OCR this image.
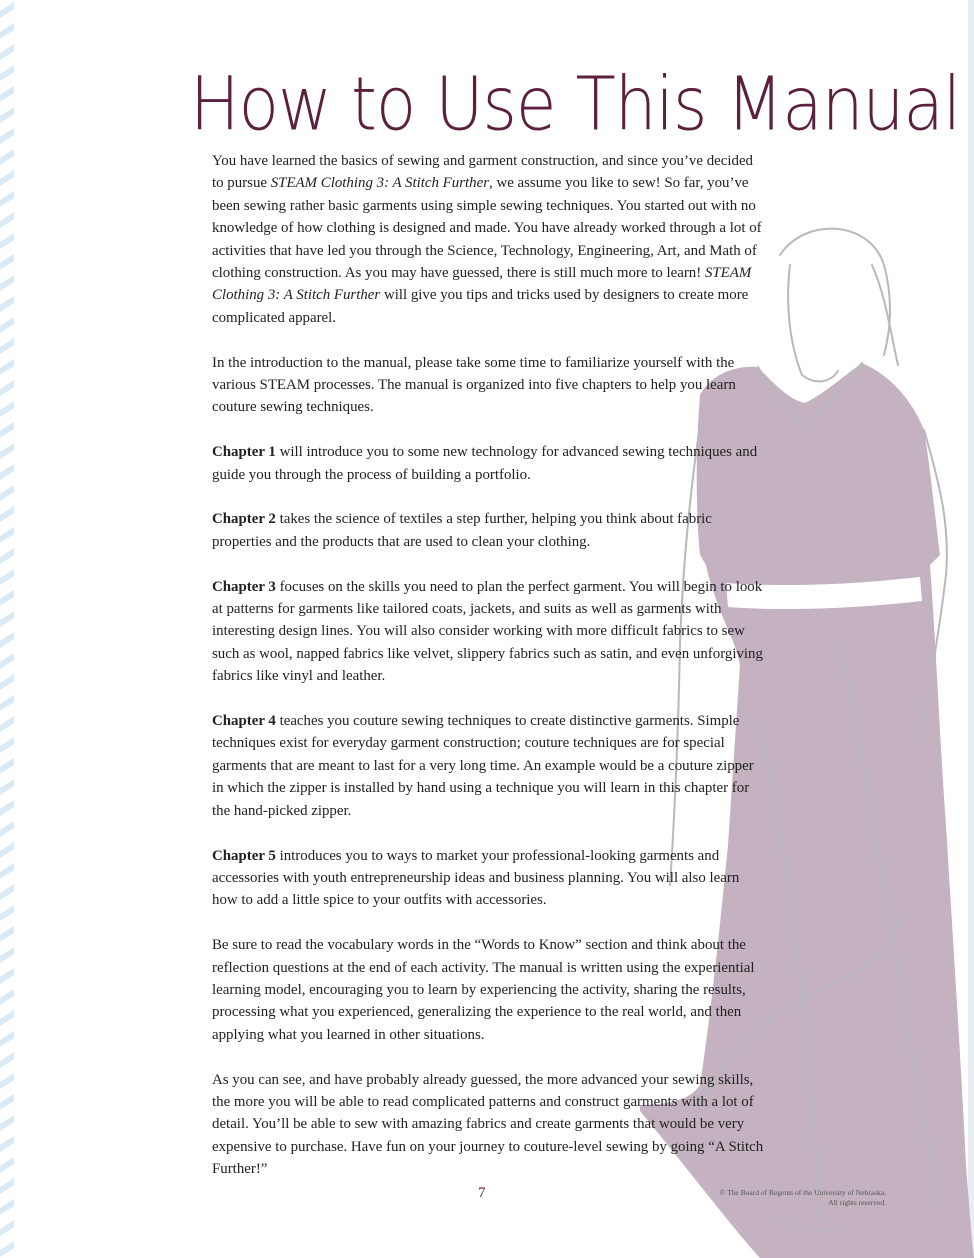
How to Use This Manual

You have learned the basics of sewing and garment construction, and since you’ve decided to pursue STEAM Clothing 3: A Stitch Further, we assume you like to sew! So far, you’ve been sewing rather basic garments using simple sewing techniques. You started out with no knowledge of how clothing is designed and made. You have already worked through a lot of activities that have led you through the Science, Technology, Engineering, Art, and Math of clothing construction. As you may have guessed, there is still much more to learn! STEAM Clothing 3: A Stitch Further will give you tips and tricks used by designers to create more complicated apparel.

In the introduction to the manual, please take some time to familiarize yourself with the various STEAM processes. The manual is organized into five chapters to help you learn couture sewing techniques.

Chapter 1 will introduce you to some new technology for advanced sewing techniques and guide you through the process of building a portfolio.

Chapter 2 takes the science of textiles a step further, helping you think about fabric properties and the products that are used to clean your clothing.

Chapter 3 focuses on the skills you need to plan the perfect garment. You will begin to look at patterns for garments like tailored coats, jackets, and suits as well as garments with interesting design lines. You will also consider working with more difficult fabrics to sew such as wool, napped fabrics like velvet, slippery fabrics such as satin, and even unforgiving fabrics like vinyl and leather.

Chapter 4 teaches you couture sewing techniques to create distinctive garments. Simple techniques exist for everyday garment construction; couture techniques are for special garments that are meant to last for a very long time. An example would be a couture zipper in which the zipper is installed by hand using a technique you will learn in this chapter for the hand-picked zipper.

Chapter 5 introduces you to ways to market your professional-looking garments and accessories with youth entrepreneurship ideas and business planning. You will also learn how to add a little spice to your outfits with accessories.

Be sure to read the vocabulary words in the “Words to Know” section and think about the reflection questions at the end of each activity. The manual is written using the experiential learning model, encouraging you to learn by experiencing the activity, sharing the results, processing what you experienced, generalizing the experience to the real world, and then applying what you learned in other situations.

As you can see, and have probably already guessed, the more advanced your sewing skills, the more you will be able to read complicated patterns and construct garments with a lot of detail. You’ll be able to sew with amazing fabrics and create garments that would be very expensive to purchase. Have fun on your journey to couture-level sewing by going “A Stitch Further!”

7	© The Board of Regents of the University of Nebraska.
All rights reserved.
